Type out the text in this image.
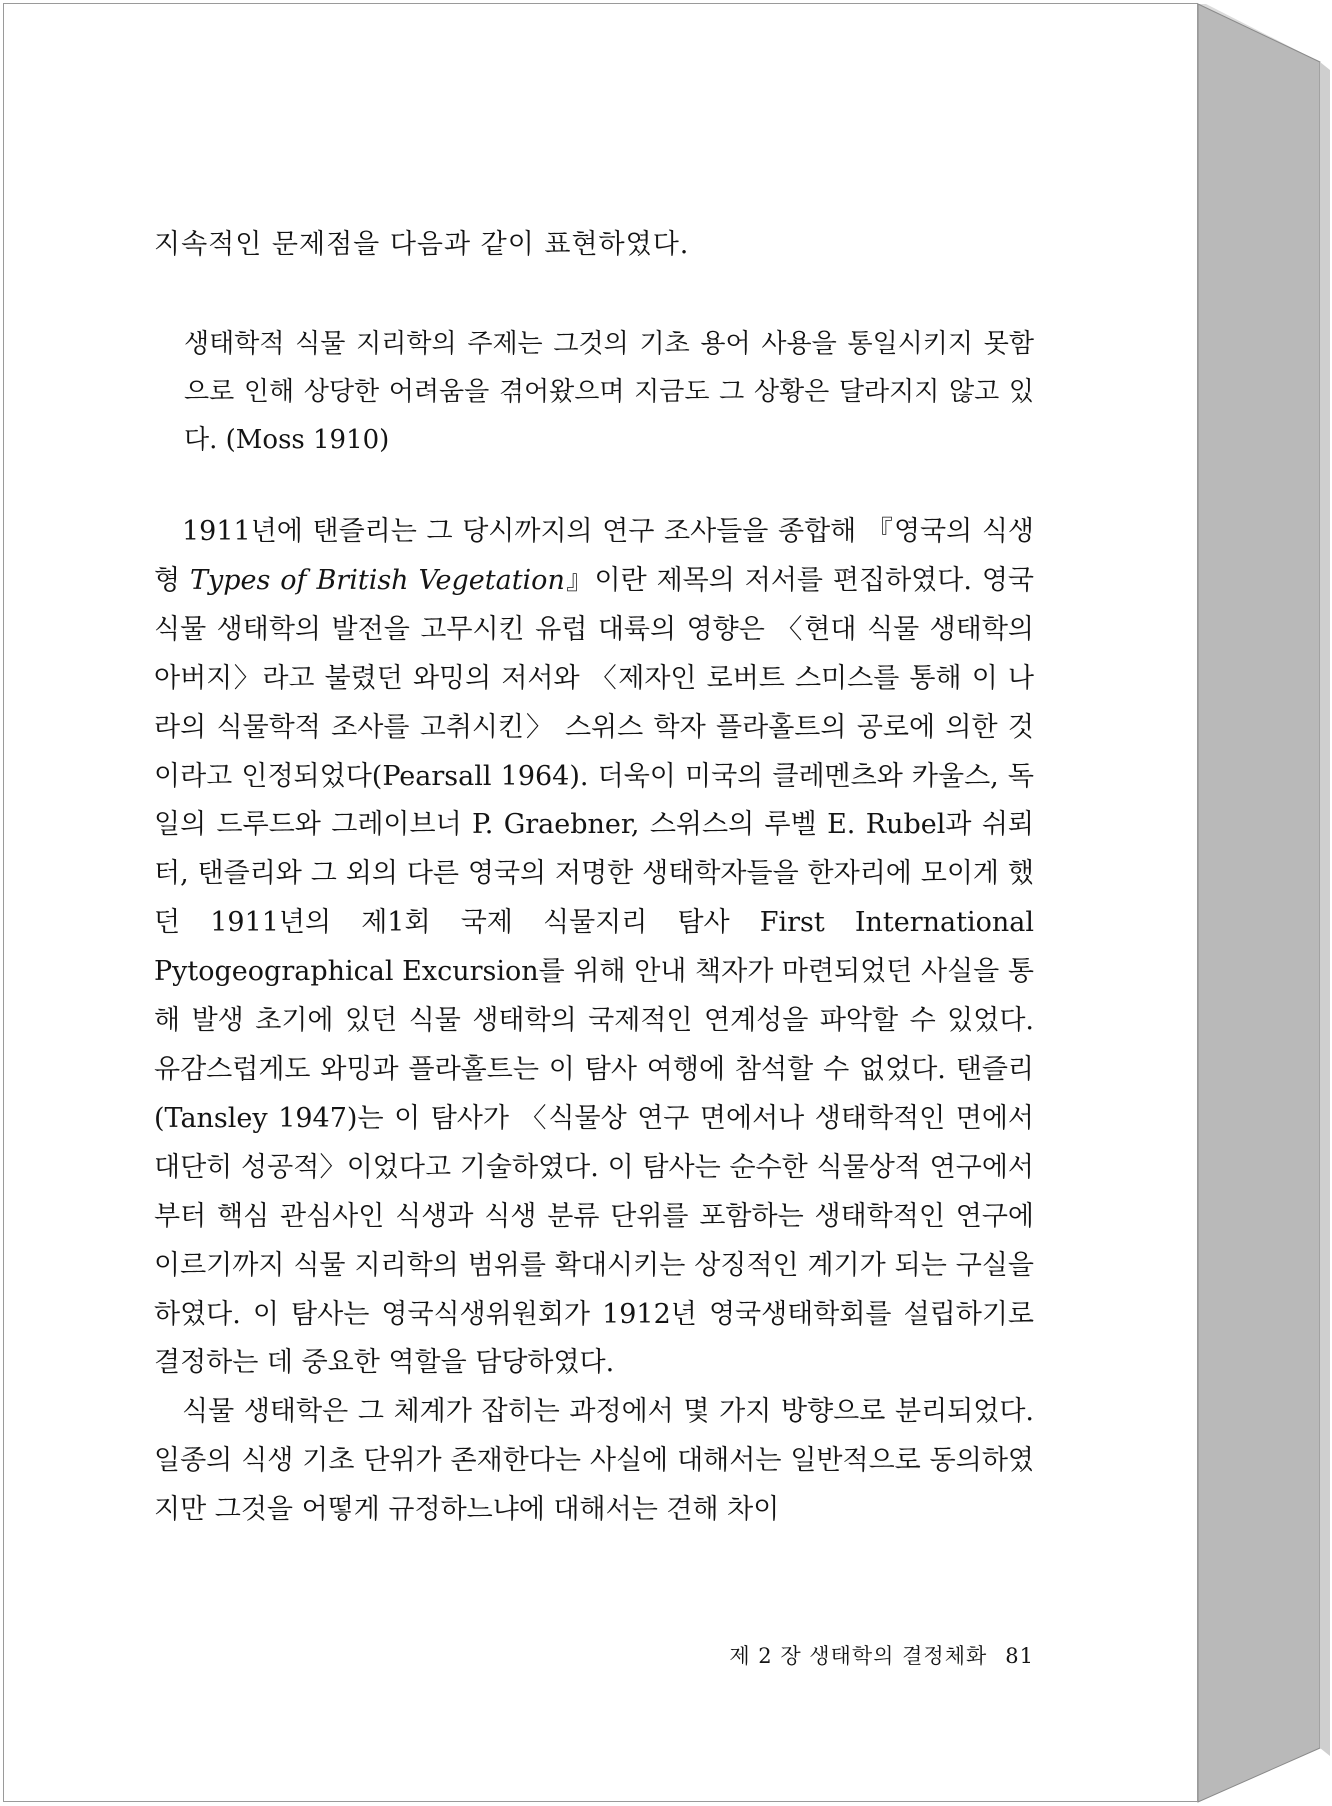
지속적인 문제점을 다음과 같이 표현하였다.

생태학적 식물 지리학의 주제는 그것의 기초 용어 사용을 통일시키지 못함으로 인해 상당한 어려움을 겪어왔으며 지금도 그 상황은 달라지지 않고 있다. (Moss 1910)

1911년에 탠즐리는 그 당시까지의 연구 조사들을 종합해 『영국의 식생형 Types of British Vegetation』이란 제목의 저서를 편집하였다. 영국 식물 생태학의 발전을 고무시킨 유럽 대륙의 영향은 〈현대 식물 생태학의 아버지〉라고 불렸던 와밍의 저서와 〈제자인 로버트 스미스를 통해 이 나라의 식물학적 조사를 고취시킨〉 스위스 학자 플라홀트의 공로에 의한 것이라고 인정되었다(Pearsall 1964). 더욱이 미국의 클레멘츠와 카울스, 독일의 드루드와 그레이브너 P. Graebner, 스위스의 루벨 E. Rubel과 쉬뢰터, 탠즐리와 그 외의 다른 영국의 저명한 생태학자들을 한자리에 모이게 했던 1911년의 제1회 국제 식물지리 탐사 First International Pytogeographical Excursion를 위해 안내 책자가 마련되었던 사실을 통해 발생 초기에 있던 식물 생태학의 국제적인 연계성을 파악할 수 있었다. 유감스럽게도 와밍과 플라홀트는 이 탐사 여행에 참석할 수 없었다. 탠즐리(Tansley 1947)는 이 탐사가 〈식물상 연구 면에서나 생태학적인 면에서 대단히 성공적〉이었다고 기술하였다. 이 탐사는 순수한 식물상적 연구에서부터 핵심 관심사인 식생과 식생 분류 단위를 포함하는 생태학적인 연구에 이르기까지 식물 지리학의 범위를 확대시키는 상징적인 계기가 되는 구실을 하였다. 이 탐사는 영국식생위원회가 1912년 영국생태학회를 설립하기로 결정하는 데 중요한 역할을 담당하였다.

식물 생태학은 그 체계가 잡히는 과정에서 몇 가지 방향으로 분리되었다. 일종의 식생 기초 단위가 존재한다는 사실에 대해서는 일반적으로 동의하였지만 그것을 어떻게 규정하느냐에 대해서는 견해 차이

제 2 장 생태학의 결정체화 81
